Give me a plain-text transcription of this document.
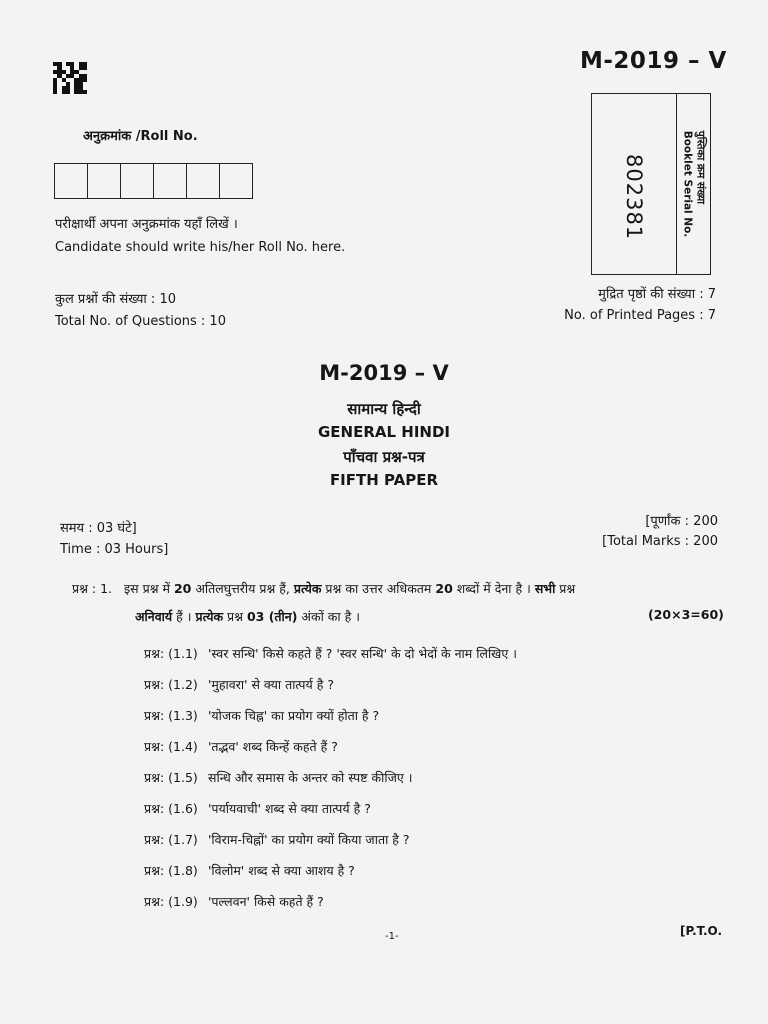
M-2019 – V
802381	पुस्तिका क्रम संख्या
Booklet Serial No.
अनुक्रमांक /Roll No.
परीक्षार्थी अपना अनुक्रमांक यहाँ लिखें ।
Candidate should write his/her Roll No. here.
कुल प्रश्नों की संख्या : 10
Total No. of Questions : 10
मुद्रित पृष्ठों की संख्या : 7
No. of Printed Pages : 7
M-2019 – V
सामान्य हिन्दी
GENERAL HINDI
पाँचवा प्रश्न-पत्र
FIFTH PAPER
समय : 03 घंटे]
Time : 03 Hours]
[पूर्णांक : 200
[Total Marks : 200
प्रश्न : 1. इस प्रश्न में 20 अतिलघुत्तरीय प्रश्न हैं, प्रत्येक प्रश्न का उत्तर अधिकतम 20 शब्दों में देना है । सभी प्रश्न
अनिवार्य हैं । प्रत्येक प्रश्न 03 (तीन) अंकों का है ।	(20×3=60)
प्रश्न: (1.1) 'स्वर सन्धि' किसे कहते हैं ? 'स्वर सन्धि' के दो भेदों के नाम लिखिए ।
प्रश्न: (1.2) 'मुहावरा' से क्या तात्पर्य है ?
प्रश्न: (1.3) 'योजक चिह्न' का प्रयोग क्यों होता है ?
प्रश्न: (1.4) 'तद्भव' शब्द किन्हें कहते हैं ?
प्रश्न: (1.5) सन्धि और समास के अन्तर को स्पष्ट कीजिए ।
प्रश्न: (1.6) 'पर्यायवाची' शब्द से क्या तात्पर्य है ?
प्रश्न: (1.7) 'विराम-चिह्नों' का प्रयोग क्यों किया जाता है ?
प्रश्न: (1.8) 'विलोम' शब्द से क्या आशय है ?
प्रश्न: (1.9) 'पल्लवन' किसे कहते हैं ?
-1-	[P.T.O.
